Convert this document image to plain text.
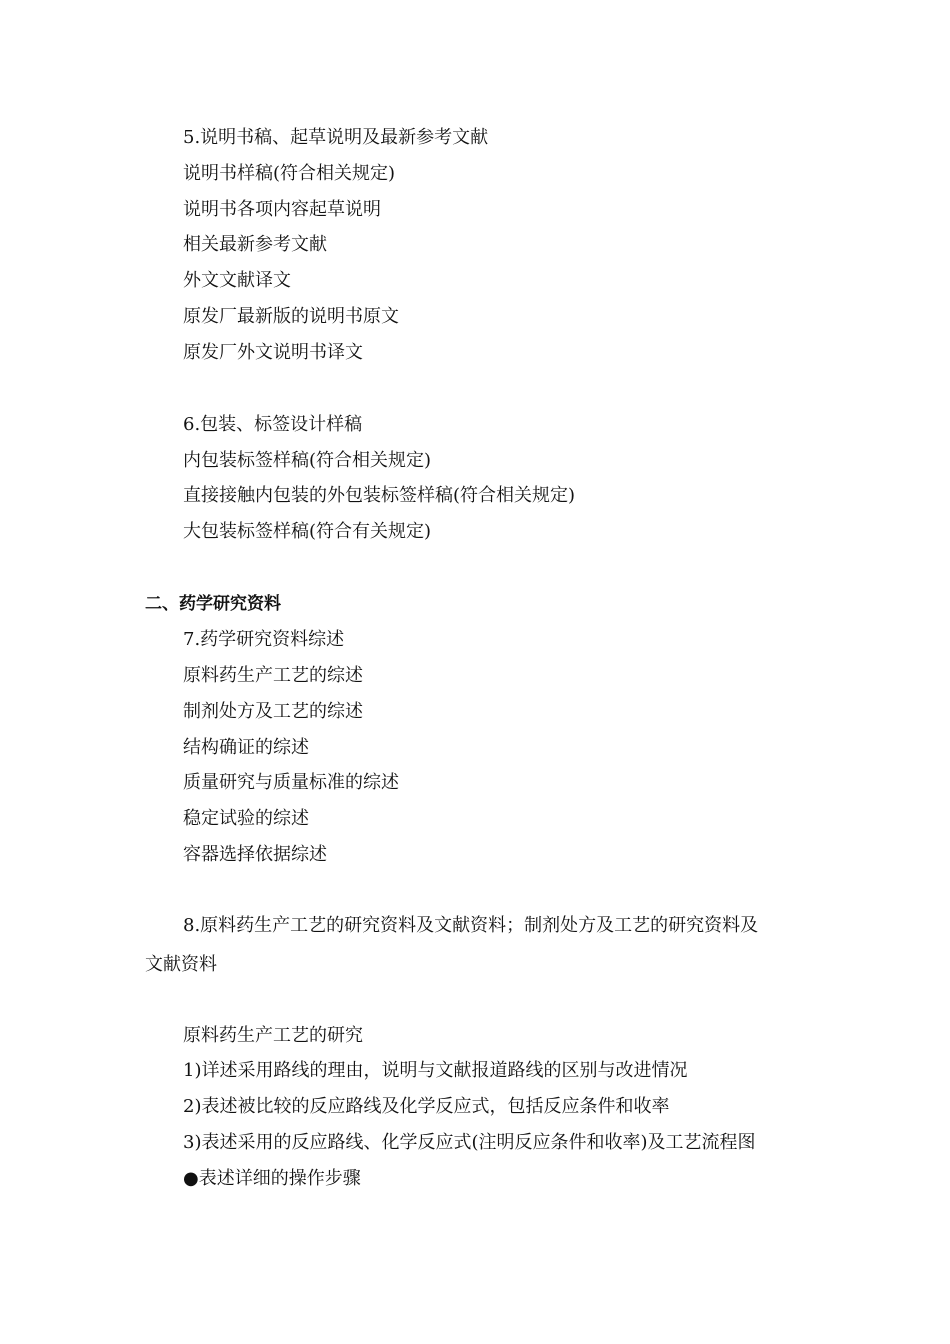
5.说明书稿、起草说明及最新参考文献
说明书样稿(符合相关规定)
说明书各项内容起草说明
相关最新参考文献
外文文献译文
原发厂最新版的说明书原文
原发厂外文说明书译文
6.包装、标签设计样稿
内包装标签样稿(符合相关规定)
直接接触内包装的外包装标签样稿(符合相关规定)
大包装标签样稿(符合有关规定)
二、药学研究资料
7.药学研究资料综述
原料药生产工艺的综述
制剂处方及工艺的综述
结构确证的综述
质量研究与质量标准的综述
稳定试验的综述
容器选择依据综述
8.原料药生产工艺的研究资料及文献资料；制剂处方及工艺的研究资料及
文献资料
原料药生产工艺的研究
1)详述采用路线的理由，说明与文献报道路线的区别与改进情况
2)表述被比较的反应路线及化学反应式，包括反应条件和收率
3)表述采用的反应路线、化学反应式(注明反应条件和收率)及工艺流程图
●表述详细的操作步骤
